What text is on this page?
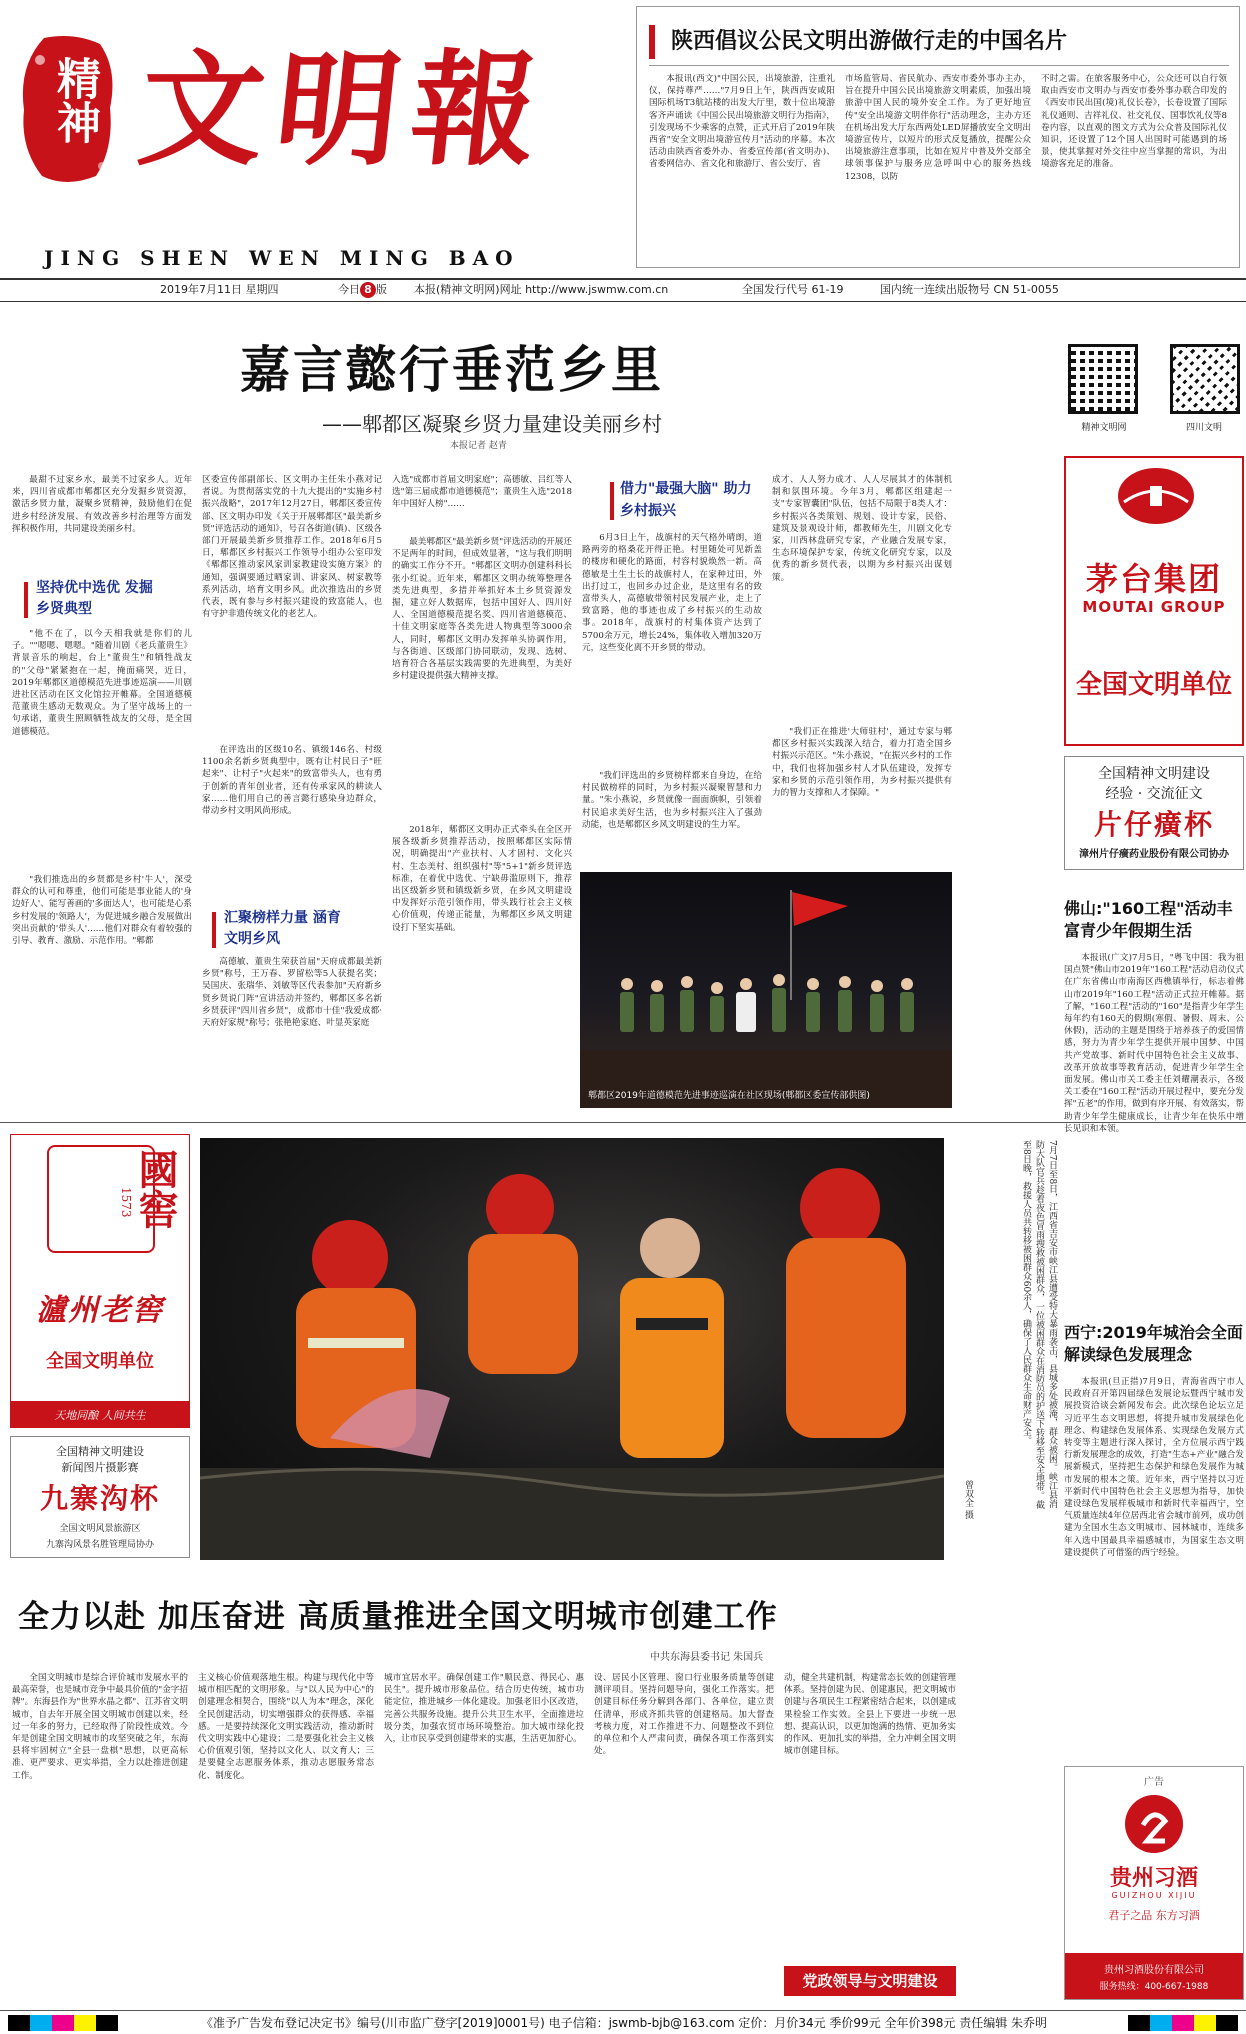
精神 文明報
JING SHEN WEN MING BAO
陕西倡议公民文明出游做行走的中国名片
本报讯(西文)"中国公民，出境旅游，注重礼仪，保持尊严……"7月9日上午，陕西西安咸阳国际机场T3航站楼的出发大厅里，数十位出境游客齐声诵读《中国公民出境旅游文明行为指南》，引发现场不少乘客的点赞，正式开启了2019年陕西省"安全文明出境游宣传月"活动的序幕。本次活动由陕西省委外办、省委宣传部(省文明办)、省委网信办、省文化和旅游厅、省公安厅、省
市场监管局、省民航办、西安市委外事办主办，旨在提升中国公民出境旅游文明素质，加强出境旅游中国人民的境外安全工作。为了更好地宣传"安全出境游文明伴你行"活动理念，主办方还在机场出发大厅东西两处LED屏播放安全文明出境游宣传片，以短片的形式反复播放，提醒公众出境旅游注意事项，比如在短片中普及外交部全球领事保护与服务应急呼叫中心的服务热线12308，以防
不时之需。在旅客服务中心，公众还可以自行领取由西安市文明办与西安市委外事办联合印发的《西安市民出国(境)礼仪长卷》，长卷设置了国际礼仪通则、吉祥礼仪、社交礼仪、国事饮礼仪等8卷内容，以直观的图文方式为公众普及国际礼仪知识，还设置了12个国人出国时可能遇到的场景，使其掌握对外交往中应当掌握的常识，为出境游客充足的准备。
2019年7月11日 星期四	今日 8 版 本报(精神文明网)网址 http://www.jswmw.com.cn	全国发行代号 61-19	国内统一连续出版物号 CN 51-0055
嘉言懿行垂范乡里
——郫都区凝聚乡贤力量建设美丽乡村
本报记者 赵青
精神文明网	四川文明
最甜不过家乡水，最美不过家乡人。近年来，四川省成都市郫都区充分发掘乡贤资源，激活乡贤力量，凝聚乡贤精神，鼓励他们在促进乡村经济发展、有效改善乡村治理等方面发挥积极作用，共同建设美丽乡村。
坚持优中选优 发掘乡贤典型
"他不在了，以今天相我就是你们的儿子。""嗯嗯、嗯嗯。"随着川剧《老兵董贵生》背景音乐的响起，台上"董贵生"和牺牲战友的"父母"紧紧抱在一起，掩面痛哭，近日，2019年郫都区道德模范先进事迹巡演——川剧进社区活动在区文化馆拉开帷幕。全国道德模范董贵生感动无数观众。为了坚守战场上的一句承诺，董贵生照顾牺牲战友的父母，是全国道德模范。
"我们推选出的乡贤都是乡村'牛人'，深受群众的认可和尊重，他们可能是事业能人的'身边好人'、能写善画的'多面达人'，也可能是心系乡村发展的'领路人'，为促进城乡融合发展做出突出贡献的'带头人'……他们对群众有着较强的引导、教育、激励、示范作用。"郫都
区委宣传部副部长、区文明办主任朱小燕对记者说。为贯彻落实党的十九大提出的"实施乡村振兴战略"，2017年12月27日，郫都区委宣传部、区文明办印发《关于开展郫都区"最美新乡贤"评选活动的通知》，号召各街道(镇)、区级各部门开展最美新乡贤推荐工作。2018年6月5日，郫都区乡村振兴工作领导小组办公室印发《郫都区推动家风家训家教建设实施方案》的通知，强调要通过晒家训、讲家风、树家教等系列活动，培育文明乡风。此次推选出的乡贤代表，既有参与乡村振兴建设的致富能人，也有守护非遗传统文化的老艺人。
在评选出的区级10名、镇级146名、村级1100余名新乡贤典型中，既有让村民日子"旺起来"、让村子"火起来"的致富带头人，也有勇于创新的青年创业者，还有传承家风的耕读人家……他们用自己的善言懿行感染身边群众，带动乡村文明风尚形成。
汇聚榜样力量 涵育文明乡风
高德敏、董贵生荣获首届"天府成都最美新乡贤"称号，王万春、罗留松等5人获提名奖；吴国庆、张瑞华、刘敏等区代表参加"天府新乡贤乡贤说门阵"宣讲活动并签约，郫都区多名新乡贤获评"四川省乡贤"，成都市十佳"我爱成都·天府好家规"称号；张艳艳家庭、叶显英家庭
入选"成都市首届文明家庭"；高德敏、吕红等人选"第三届成都市道德模范"；董贵生入选"2018年中国好人榜"……
最美郫都区"最美新乡贤"评选活动的开展还不足两年的时间，但成效显著，"这与我们明明的确实工作分不开。"郫都区文明办创建科科长张小红说。近年来，郫都区文明办统筹整理各类先进典型，多措并举抓好本土乡贤资源发掘，建立好人数据库，包括中国好人、四川好人、全国道德模范提名奖、四川省道德模范、十佳文明家庭等各类先进人物典型等3000余人，同时，郫都区文明办发挥单头协调作用，与各街道、区级部门协同联动，发现、选树、培育符合各基层实践需要的先进典型，为美好乡村建设提供强大精神支撑。
2018年，郫都区文明办正式牵头在全区开展各级新乡贤推荐活动，按照郫都区实际情况，明确提出"产业扶村、人才固村、文化兴村、生态美村、组织强村"等"5+1"新乡贤评选标准，在着优中选优、宁缺毋滥原则下，推荐出区级新乡贤和镇级新乡贤，在乡风文明建设中发挥好示范引领作用，带头践行社会主义核心价值观，传递正能量，为郫都区乡风文明建设打下坚实基础。
借力"最强大脑" 助力乡村振兴
6月3日上午，战旗村的天气格外晴朗，道路两旁的格桑花开得正艳。村里随处可见新盖的楼房和硬化的路面，村容村貌焕然一新。高德敏是土生土长的战旗村人，在家种过田，外出打过工，也回乡办过企业，是这里有名的致富带头人，高德敏带领村民发展产业，走上了致富路，他的事迹也成了乡村振兴的生动故事。2018年，战旗村的村集体资产达到了5700余万元，增长24%，集体收入增加320万元，这些变化离不开乡贤的带动。
"我们评选出的乡贤榜样都来自身边，在给村民做榜样的同时，为乡村振兴凝聚智慧和力量。"朱小燕说，乡贤就像一面面旗帜，引领着村民追求美好生活，也为乡村振兴注入了强劲动能，也是郫都区乡风文明建设的生力军。
成才、人人努力成才、人人尽展其才的体制机制和氛围环境。今年3月，郫都区组建起一支"专家智囊团"队伍，包括不局限于8类人才：乡村振兴各类策划、规划、设计专家，民俗、建筑及景观设计师，都教师先生，川剧文化专家，川西林盘研究专家，产业融合发展专家，生态环境保护专家，传统文化研究专家，以及优秀的新乡贤代表，以期为乡村振兴出谋划策。
"我们正在推进'大师驻村'，通过专家与郫都区乡村振兴实践深入结合，着力打造全国乡村振兴示范区。"朱小燕说，"在振兴乡村的工作中，我们也将加强乡村人才队伍建设，发挥专家和乡贤的示范引领作用，为乡村振兴提供有力的智力支撑和人才保障。"
郫都区2019年道德模范先进事迹巡演在社区现场(郫都区委宣传部供图)
茅台集团
MOUTAI GROUP
全国文明单位
全国精神文明建设
经验 · 交流征文
片仔癀杯
漳州片仔癀药业股份有限公司协办
佛山:"160工程"活动丰富青少年假期生活
本报讯(广文)7月5日，"粤飞中国：我为祖国点赞"佛山市2019年"160工程"活动启动仪式在广东省佛山市南海区西樵镇举行，标志着佛山市2019年"160工程"活动正式拉开帷幕。据了解，"160工程"活动的"160"是指青少年学生每年约有160天的假期(寒假、暑假、周末、公休假)，活动的主题是围绕于培养孩子的爱国情感，努力为青少年学生提供开展中国梦、中国共产党故事、新时代中国特色社会主义故事、改革开放故事等教育活动，促进青少年学生全面发展。佛山市关工委主任刘耀潮表示，各级关工委在"160工程"活动开展过程中，要充分发挥"五老"的作用，做到有序开展、有效落实，帮助青少年学生健康成长，让青少年在快乐中增长见识和本领。
西宁:2019年城治会全面解读绿色发展理念
本报讯(旦正措)7月9日，青海省西宁市人民政府召开第四届绿色发展论坛暨西宁城市发展投资洽谈会新闻发布会。此次绿色论坛立足习近平生态文明思想，将提升城市发展绿色化理念、构建绿色发展体系、实现绿色发展方式转变等主题进行深入探讨，全方位展示西宁践行新发展理念的成效，打造"生态+产业"融合发展新模式，坚持把生态保护和绿色发展作为城市发展的根本之策。近年来，西宁坚持以习近平新时代中国特色社会主义思想为指导，加快建设绿色发展样板城市和新时代幸福西宁，空气质量连续4年位居西北省会城市前列，成功创建为全国水生态文明城市、园林城市，连续多年入选中国最具幸福感城市，为国家生态文明建设提供了可借鉴的西宁经验。
广告
贵州习酒
GUIZHOU XIJIU
君子之品 东方习酒
贵州习酒股份有限公司
服务热线：400-667-1988
國窖
1573
瀘州老窖
全国文明单位
天地同酿 人间共生
全国精神文明建设
新闻图片摄影赛
九寨沟杯
全国文明风景旅游区
九寨沟风景名胜管理局协办
7月7日至8日，江西省吉安市峡江县遭受特大暴雨袭击，县城多处被淹，群众被困。峡江县消防大队官兵趁着夜色冒雨搜救被困群众，一位被困群众在消防员的护送下转移至安全地带。截至8日晚，救援人员共转移被困群众60余人，确保了人民群众生命财产安全。
曾双全 摄
全力以赴 加压奋进 高质量推进全国文明城市创建工作
中共东海县委书记 朱国兵
全国文明城市是综合评价城市发展水平的最高荣誉，也是城市竞争中最具价值的"金字招牌"。东海县作为"世界水晶之都"、江苏省文明城市，自去年开展全国文明城市创建以来，经过一年多的努力，已经取得了阶段性成效。今年是创建全国文明城市的攻坚突破之年，东海县将牢固树立"全县一盘棋"思想，以更高标准、更严要求、更实举措，全力以赴推进创建工作。
主义核心价值观落地生根。构建与现代化中等城市相匹配的文明形象。与"以人民为中心"的创建理念相契合，围绕"以人为本"理念，深化全民创建活动，切实增强群众的获得感、幸福感。一是要持续深化文明实践活动，推动新时代文明实践中心建设；二是要强化社会主义核心价值观引领，坚持以文化人、以文育人；三是要健全志愿服务体系，推动志愿服务常态化、制度化。
城市宜居水平。确保创建工作"顺民意、得民心、惠民生"。提升城市形象品位。结合历史传统，城市功能定位，推进城乡一体化建设。加强老旧小区改造，完善公共服务设施。提升公共卫生水平，全面推进垃圾分类，加强农贸市场环境整治。加大城市绿化投入，让市民享受到创建带来的实惠，生活更加舒心。
设、居民小区管理、窗口行业服务质量等创建测评项目。坚持问题导向，强化工作落实。把创建目标任务分解到各部门、各单位，建立责任清单，形成齐抓共管的创建格局。加大督查考核力度，对工作推进不力、问题整改不到位的单位和个人严肃问责，确保各项工作落到实处。
动，健全共建机制，构建常态长效的创建管理体系。坚持创建为民、创建惠民，把文明城市创建与各项民生工程紧密结合起来，以创建成果检验工作实效。全县上下要进一步统一思想、提高认识，以更加饱满的热情、更加务实的作风、更加扎实的举措，全力冲刺全国文明城市创建目标。
党政领导与文明建设
《准予广告发布登记决定书》编号(川市监广登字[2019]0001号) 电子信箱：jswmb-bjb@163.com 定价：月价34元 季价99元 全年价398元 责任编辑 朱乔明
